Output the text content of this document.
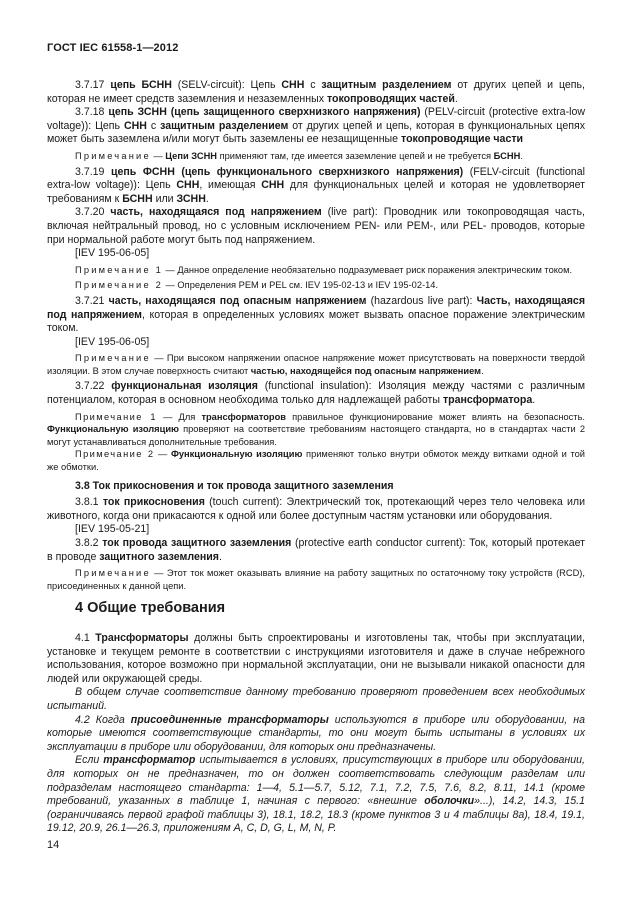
ГОСТ IEC 61558-1—2012

3.7.17 цепь БСНН (SELV-circuit): Цепь СНН с защитным разделением от других цепей и цепь, которая не имеет средств заземления и незаземленных токопроводящих частей.

3.7.18 цепь ЗСНН (цепь защищенного сверхнизкого напряжения) (PELV-circuit (protective extra-low voltage)): Цепь СНН с защитным разделением от других цепей и цепь, которая в функциональных цепях может быть заземлена и/или могут быть заземлены ее незащищенные токопроводящие части

Примечание — Цепи ЗСНН применяют там, где имеется заземление цепей и не требуется БСНН.

3.7.19 цепь ФСНН (цепь функционального сверхнизкого напряжения) (FELV-circuit (functional extra-low voltage)): Цепь СНН, имеющая СНН для функциональных целей и которая не удовлетворяет требованиям к БСНН или ЗСНН.

3.7.20 часть, находящаяся под напряжением (live part): Проводник или токопроводящая часть, включая нейтральный провод, но с условным исключением PEN- или PEM-, или PEL- проводов, которые при нормальной работе могут быть под напряжением.

[IEV 195-06-05]

Примечание 1 — Данное определение необязательно подразумевает риск поражения электрическим током.

Примечание 2 — Определения PEM и PEL см. IEV 195-02-13 и IEV 195-02-14.

3.7.21 часть, находящаяся под опасным напряжением (hazardous live part): Часть, находящаяся под напряжением, которая в определенных условиях может вызвать опасное поражение электрическим током.

[IEV 195-06-05]

Примечание — При высоком напряжении опасное напряжение может присутствовать на поверхности твердой изоляции. В этом случае поверхность считают частью, находящейся под опасным напряжением.

3.7.22 функциональная изоляция (functional insulation): Изоляция между частями с различным потенциалом, которая в основном необходима только для надлежащей работы трансформатора.

Примечание 1 — Для трансформаторов правильное функционирование может влиять на безопасность. Функциональную изоляцию проверяют на соответствие требованиям настоящего стандарта, но в стандартах части 2 могут устанавливаться дополнительные требования.

Примечание 2 — Функциональную изоляцию применяют только внутри обмоток между витками одной и той же обмотки.

3.8 Ток прикосновения и ток провода защитного заземления

3.8.1 ток прикосновения (touch current): Электрический ток, протекающий через тело человека или животного, когда они прикасаются к одной или более доступным частям установки или оборудования.

[IEV 195-05-21]

3.8.2 ток провода защитного заземления (protective earth conductor current): Ток, который протекает в проводе защитного заземления.

Примечание — Этот ток может оказывать влияние на работу защитных по остаточному току устройств (RCD), присоединенных к данной цепи.

4 Общие требования

4.1 Трансформаторы должны быть спроектированы и изготовлены так, чтобы при эксплуатации, установке и текущем ремонте в соответствии с инструкциями изготовителя и даже в случае небрежного использования, которое возможно при нормальной эксплуатации, они не вызывали никакой опасности для людей или окружающей среды.

В общем случае соответствие данному требованию проверяют проведением всех необходимых испытаний.

4.2 Когда присоединенные трансформаторы используются в приборе или оборудовании, на которые имеются соответствующие стандарты, то они могут быть испытаны в условиях их эксплуатации в приборе или оборудовании, для которых они предназначены.

Если трансформатор испытывается в условиях, присутствующих в приборе или оборудовании, для которых он не предназначен, то он должен соответствовать следующим разделам или подразделам настоящего стандарта: 1—4, 5.1—5.7, 5.12, 7.1, 7.2, 7.5, 7.6, 8.2, 8.11, 14.1 (кроме требований, указанных в таблице 1, начиная с первого: «внешние оболочки»...), 14.2, 14.3, 15.1 (ограничиваясь первой графой таблицы 3), 18.1, 18.2, 18.3 (кроме пунктов 3 и 4 таблицы 8а), 18.4, 19.1, 19.12, 20.9, 26.1—26.3, приложениям A, C, D, G, L, M, N, P.

14
